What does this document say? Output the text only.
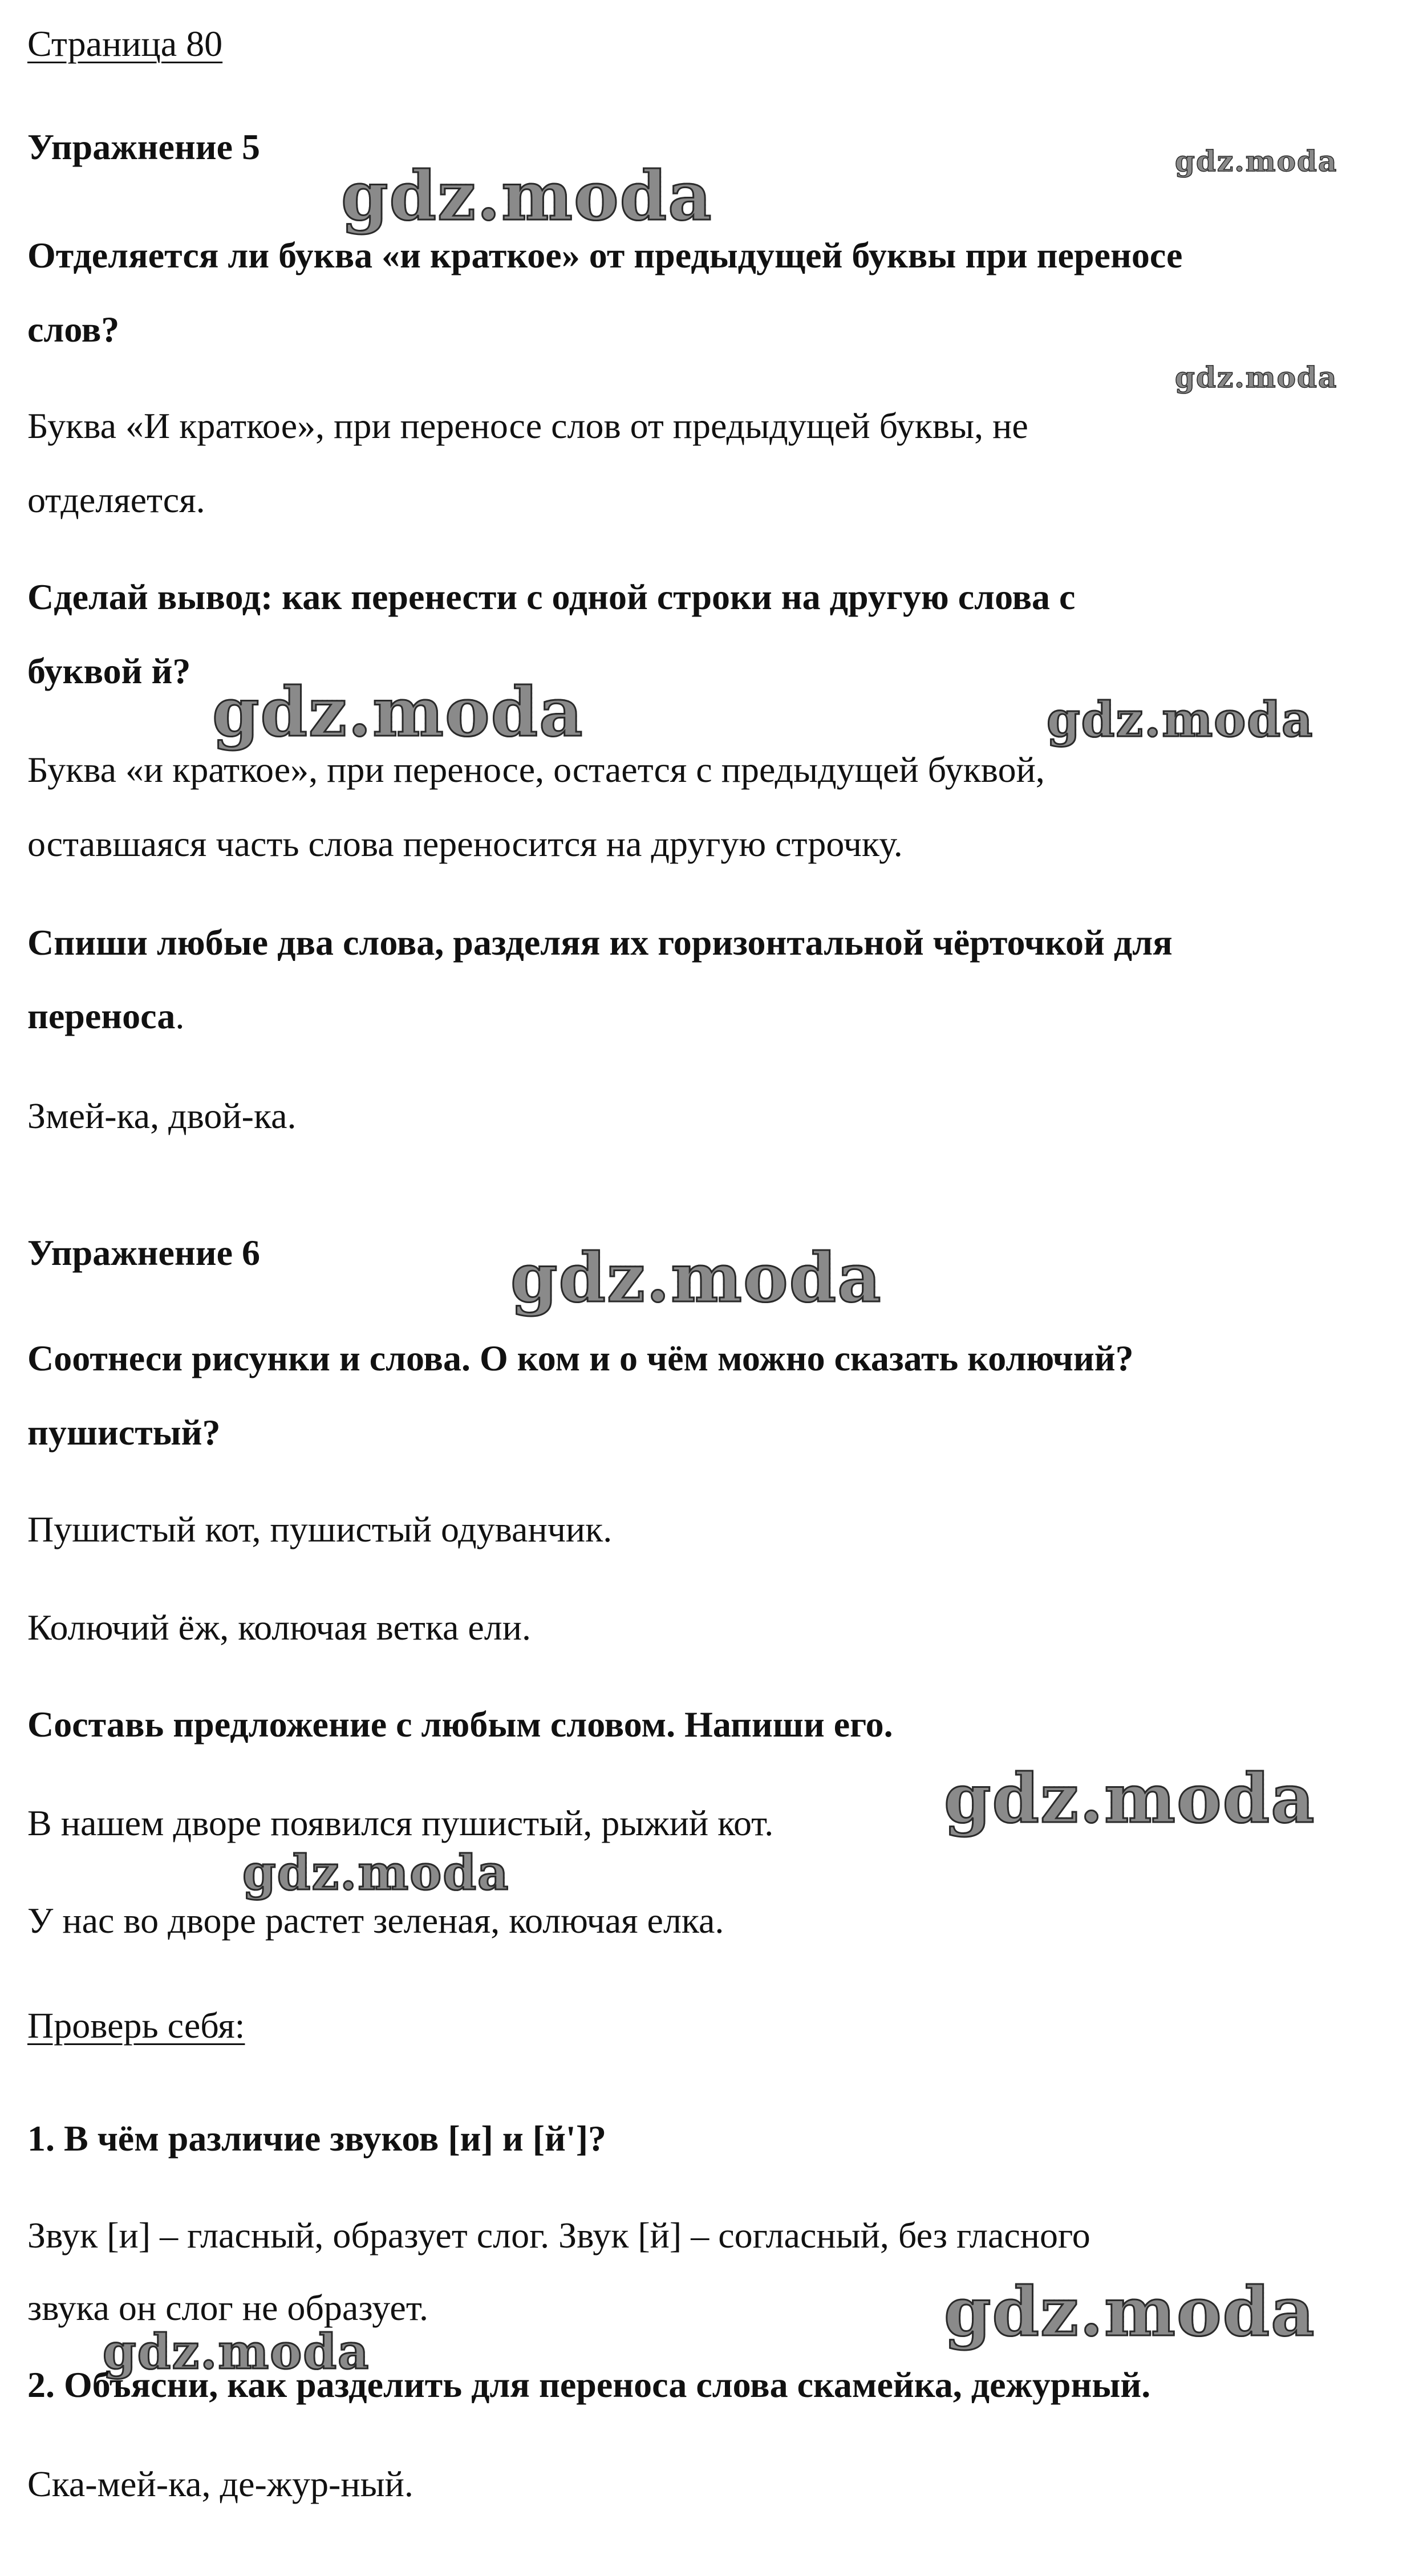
gdz.moda	gdz.moda
gdz.moda
gdz.moda	gdz.moda
gdz.moda
gdz.moda
gdz.moda
gdz.moda
gdz.moda
Страница 80
Упражнение 5
Отделяется ли буква «и краткое» от предыдущей буквы при переносе
слов?
Буква «И краткое», при переносе слов от предыдущей буквы, не
отделяется.
Сделай вывод: как перенести с одной строки на другую слова с
буквой й?
Буква «и краткое», при переносе, остается с предыдущей буквой,
оставшаяся часть слова переносится на другую строчку.
Спиши любые два слова, разделяя их горизонтальной чёрточкой для
переноса.
Змей-ка, двой-ка.
Упражнение 6
Соотнеси рисунки и слова. О ком и о чём можно сказать колючий?
пушистый?
Пушистый кот, пушистый одуванчик.
Колючий ёж, колючая ветка ели.
Составь предложение с любым словом. Напиши его.
В нашем дворе появился пушистый, рыжий кот.
У нас во дворе растет зеленая, колючая елка.
Проверь себя:
1. В чём различие звуков [и] и [й']?
Звук [и] – гласный, образует слог. Звук [й] – согласный, без гласного
звука он слог не образует.
2. Объясни, как разделить для переноса слова скамейка, дежурный.
Ска-мей-ка, де-жур-ный.
